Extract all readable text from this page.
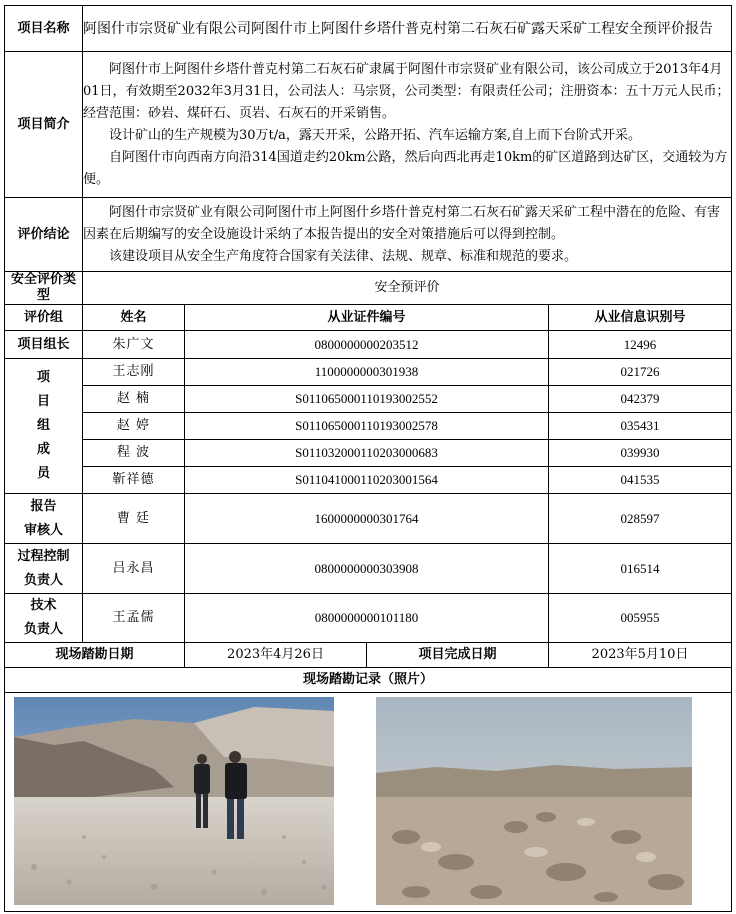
项目名称	阿图什市宗贤矿业有限公司阿图什市上阿图什乡塔什普克村第二石灰石矿露天采矿工程安全预评价报告			
项目简介	阿图什市上阿图什乡塔什普克村第二石灰石矿隶属于阿图什市宗贤矿业有限公司，该公司成立于2013年4月01日，有效期至2032年3月31日，公司法人：马宗贤，公司类型：有限责任公司；注册资本：五十万元人民币；经营范围：砂岩、煤矸石、页岩、石灰石的开采销售。

设计矿山的生产规模为30万t/a，露天开采，公路开拓、汽车运输方案,自上而下台阶式开采。

自阿图什市向西南方向沿314国道走约20km公路，然后向西北再走10km的矿区道路到达矿区，交通较为方便。			

评价结论	阿图什市宗贤矿业有限公司阿图什市上阿图什乡塔什普克村第二石灰石矿露天采矿工程中潜在的危险、有害因素在后期编写的安全设施设计采纳了本报告提出的安全对策措施后可以得到控制。

该建设项目从安全生产角度符合国家有关法律、法规、规章、标准和规范的要求。			

安全评价类型	安全预评价			
评价组	姓名	从业证件编号		从业信息识别号
项目组长	朱广文	0800000000203512		12496

项
目
组
成
员	王志刚	1100000000301938		021726
	赵 楠	S011065000110193002552		042379
	赵 婷	S011065000110193002578		035431
	程 波	S011032000110203000683		039930
	靳祥德	S011041000110203001564		041535

报告
审核人	曹 廷	1600000000301764		028597

过程控制
负责人	吕永昌	0800000000303908		016514

技术
负责人	王孟儒	0800000000101180		005955
现场踏勘日期		2023年4月26日	项目完成日期	2023年5月10日
现场踏勘记录（照片）				
